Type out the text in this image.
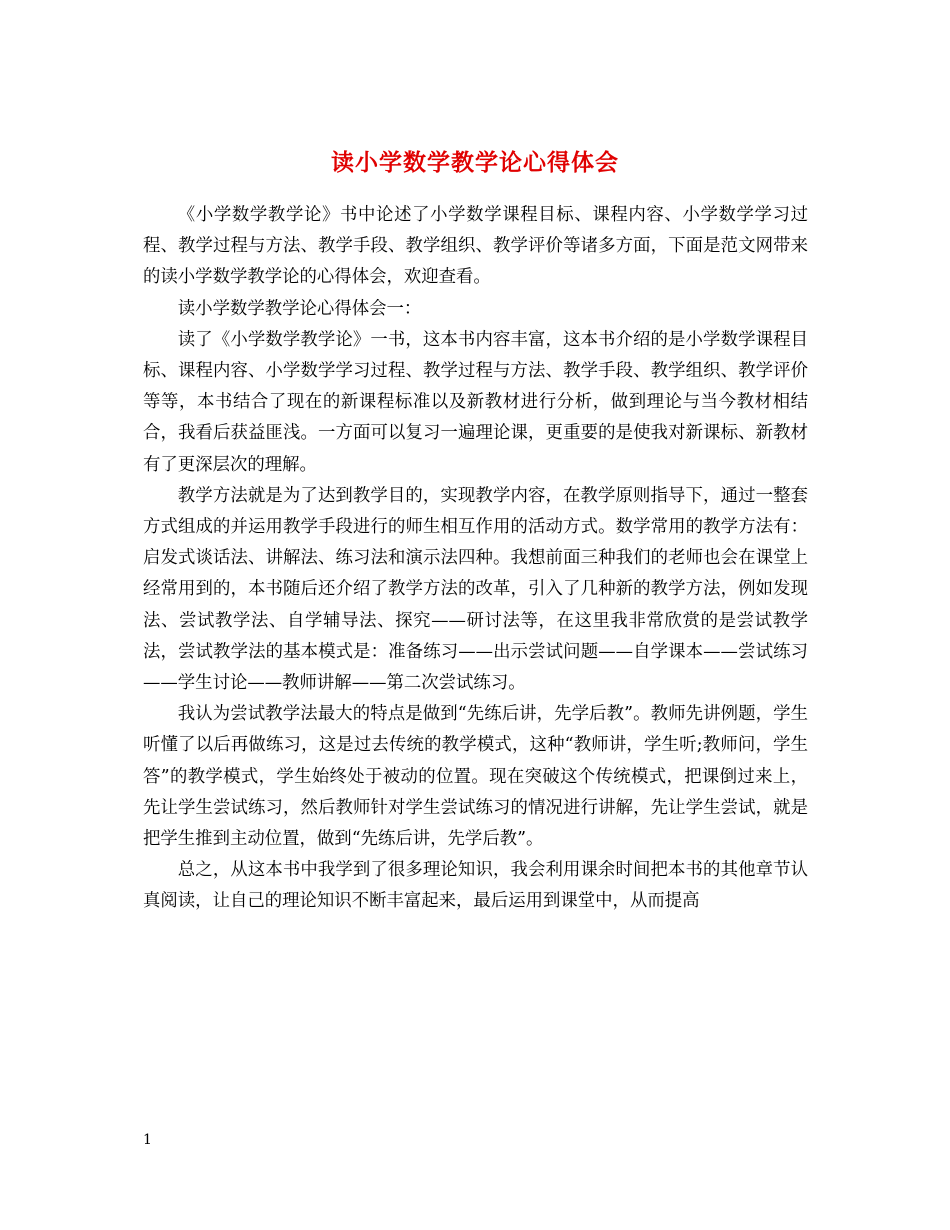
读小学数学教学论心得体会

《小学数学教学论》书中论述了小学数学课程目标、课程内容、小学数学学习过程、教学过程与方法、教学手段、教学组织、教学评价等诸多方面，下面是范文网带来的读小学数学教学论的心得体会，欢迎查看。

读小学数学教学论心得体会一：

读了《小学数学教学论》一书，这本书内容丰富，这本书介绍的是小学数学课程目标、课程内容、小学数学学习过程、教学过程与方法、教学手段、教学组织、教学评价等等，本书结合了现在的新课程标准以及新教材进行分析，做到理论与当今教材相结合，我看后获益匪浅。一方面可以复习一遍理论课，更重要的是使我对新课标、新教材有了更深层次的理解。

教学方法就是为了达到教学目的，实现教学内容，在教学原则指导下，通过一整套方式组成的并运用教学手段进行的师生相互作用的活动方式。数学常用的教学方法有：启发式谈话法、讲解法、练习法和演示法四种。我想前面三种我们的老师也会在课堂上经常用到的，本书随后还介绍了教学方法的改革，引入了几种新的教学方法，例如发现法、尝试教学法、自学辅导法、探究——研讨法等，在这里我非常欣赏的是尝试教学法，尝试教学法的基本模式是：准备练习——出示尝试问题——自学课本——尝试练习——学生讨论——教师讲解——第二次尝试练习。

我认为尝试教学法最大的特点是做到“先练后讲，先学后教”。教师先讲例题，学生听懂了以后再做练习，这是过去传统的教学模式，这种“教师讲，学生听;教师问，学生答”的教学模式，学生始终处于被动的位置。现在突破这个传统模式，把课倒过来上，先让学生尝试练习，然后教师针对学生尝试练习的情况进行讲解，先让学生尝试，就是把学生推到主动位置，做到“先练后讲，先学后教”。

总之，从这本书中我学到了很多理论知识，我会利用课余时间把本书的其他章节认真阅读，让自己的理论知识不断丰富起来，最后运用到课堂中，从而提高

1
